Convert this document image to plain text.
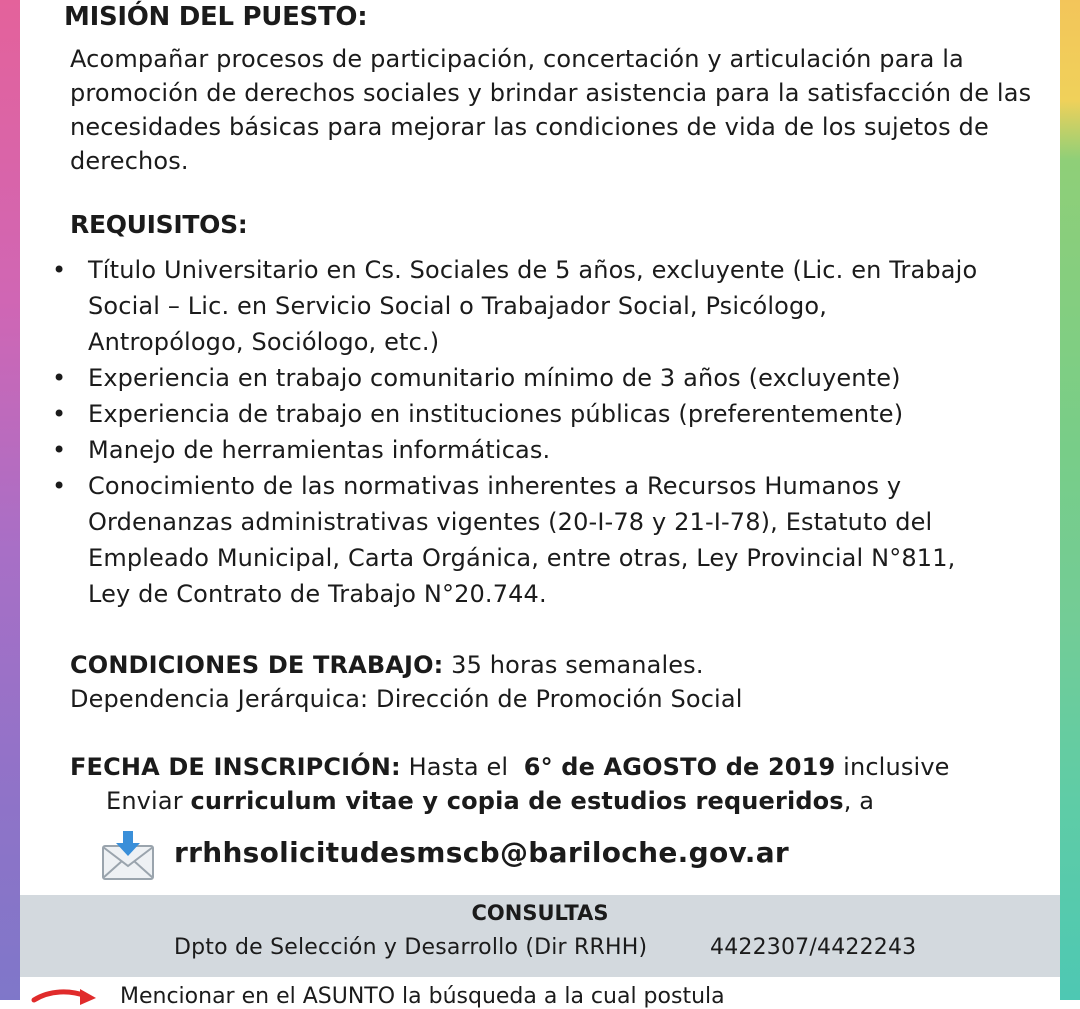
MISIÓN DEL PUESTO:

Acompañar procesos de participación, concertación y articulación para la promoción de derechos sociales y brindar asistencia para la satisfacción de las necesidades básicas para mejorar las condiciones de vida de los sujetos de derechos.

REQUISITOS:

• Título Universitario en Cs. Sociales de 5 años, excluyente (Lic. en Trabajo
Social – Lic. en Servicio Social o Trabajador Social, Psicólogo,
Antropólogo, Sociólogo, etc.)
• Experiencia en trabajo comunitario mínimo de 3 años (excluyente)
• Experiencia de trabajo en instituciones públicas (preferentemente)
• Manejo de herramientas informáticas.
• Conocimiento de las normativas inherentes a Recursos Humanos y
Ordenanzas administrativas vigentes (20-I-78 y 21-I-78), Estatuto del
Empleado Municipal, Carta Orgánica, entre otras, Ley Provincial N°811,
Ley de Contrato de Trabajo N°20.744.

CONDICIONES DE TRABAJO: 35 horas semanales.

Dependencia Jerárquica: Dirección de Promoción Social

FECHA DE INSCRIPCIÓN: Hasta el  6° de AGOSTO de 2019 inclusive

Enviar curriculum vitae y copia de estudios requeridos, a

rrhhsolicitudesmscb@bariloche.gov.ar

CONSULTAS

Dpto de Selección y Desarrollo (Dir RRHH)	4422307/4422243

Mencionar en el ASUNTO la búsqueda a la cual postula
